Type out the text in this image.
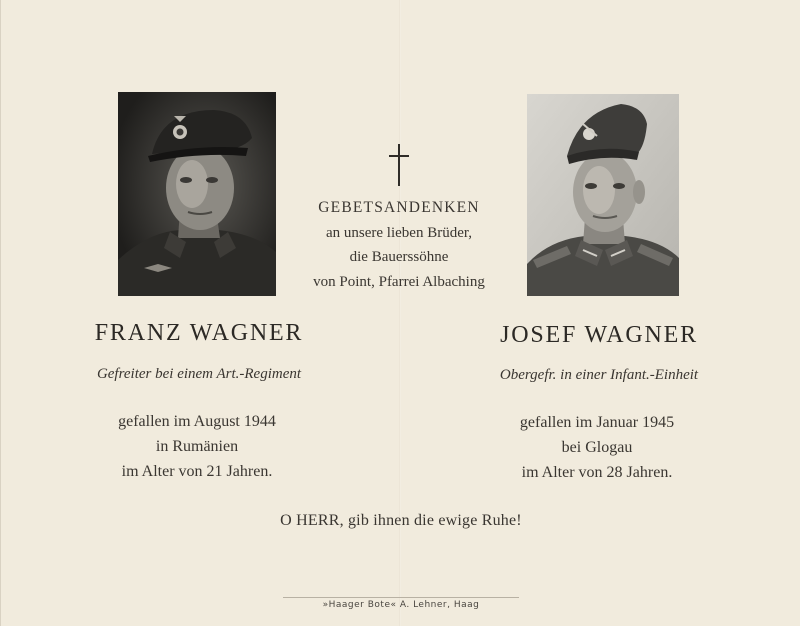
GEBETSANDENKEN
an unsere lieben Brüder,
die Bauerssöhne
von Point, Pfarrei Albaching
FRANZ WAGNER
Gefreiter bei einem Art.-Regiment
gefallen im August 1944
in Rumänien
im Alter von 21 Jahren.
JOSEF WAGNER
Obergefr. in einer Infant.-Einheit
gefallen im Januar 1945
bei Glogau
im Alter von 28 Jahren.
O HERR, gib ihnen die ewige Ruhe!
»Haager Bote« A. Lehner, Haag
